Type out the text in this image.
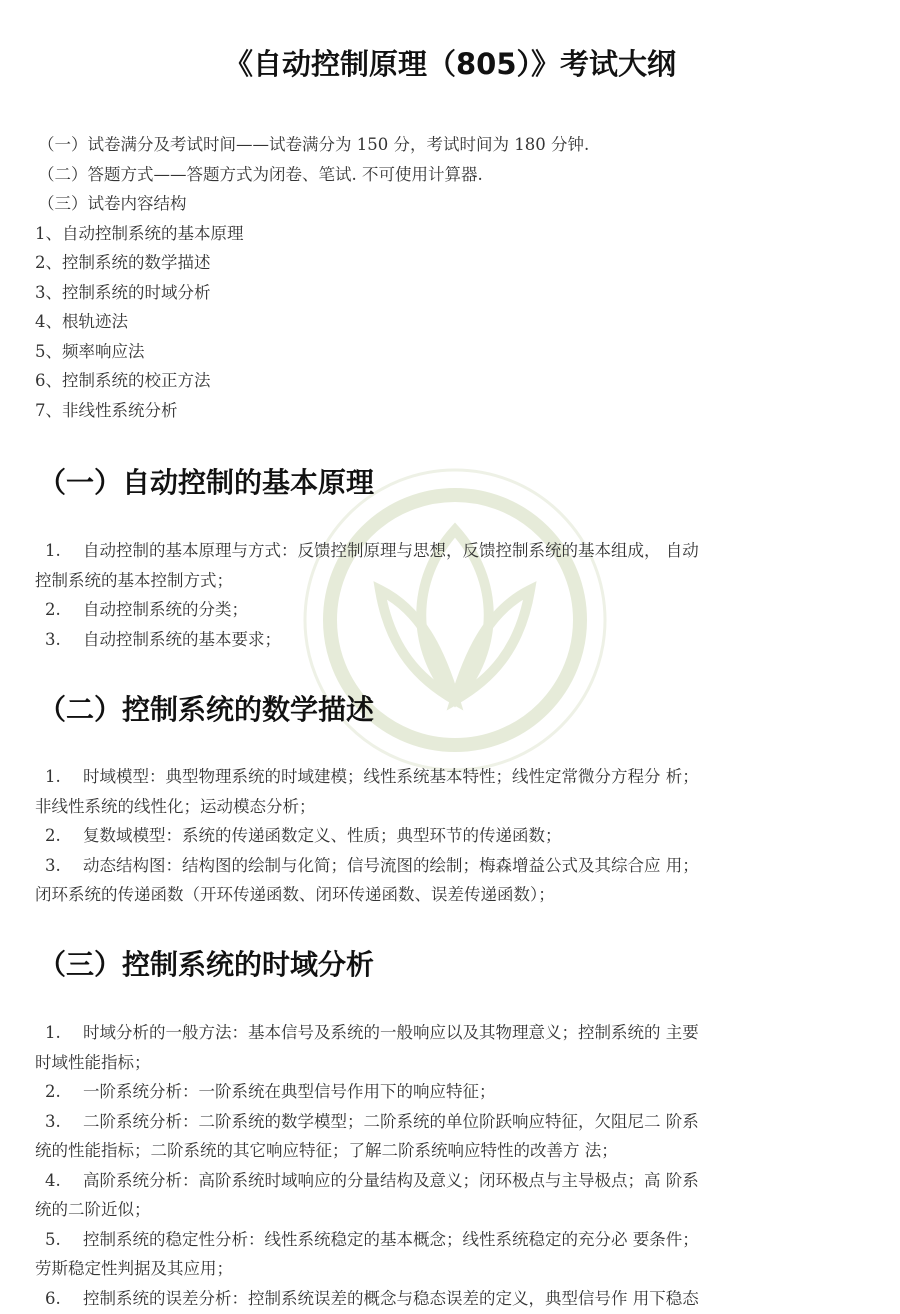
《自动控制原理（805）》考试大纲
（一）试卷满分及考试时间——试卷满分为 150 分，考试时间为 180 分钟.
（二）答题方式——答题方式为闭卷、笔试. 不可使用计算器.
（三）试卷内容结构
1、自动控制系统的基本原理
2、控制系统的数学描述
3、控制系统的时域分析
4、根轨迹法
5、频率响应法
6、控制系统的校正方法
7、非线性系统分析
（一）自动控制的基本原理
1. 自动控制的基本原理与方式：反馈控制原理与思想，反馈控制系统的基本组成， 自动
控制系统的基本控制方式；
2. 自动控制系统的分类；
3. 自动控制系统的基本要求；
（二）控制系统的数学描述
1. 时域模型：典型物理系统的时域建模；线性系统基本特性；线性定常微分方程分 析；
非线性系统的线性化；运动模态分析；
2. 复数域模型：系统的传递函数定义、性质；典型环节的传递函数；
3. 动态结构图：结构图的绘制与化简；信号流图的绘制；梅森增益公式及其综合应 用；
闭环系统的传递函数（开环传递函数、闭环传递函数、误差传递函数）；
（三）控制系统的时域分析
1. 时域分析的一般方法：基本信号及系统的一般响应以及其物理意义；控制系统的 主要
时域性能指标；
2. 一阶系统分析：一阶系统在典型信号作用下的响应特征；
3. 二阶系统分析：二阶系统的数学模型；二阶系统的单位阶跃响应特征，欠阻尼二 阶系
统的性能指标；二阶系统的其它响应特征；了解二阶系统响应特性的改善方 法；
4. 高阶系统分析：高阶系统时域响应的分量结构及意义；闭环极点与主导极点；高 阶系
统的二阶近似；
5. 控制系统的稳定性分析：线性系统稳定的基本概念；线性系统稳定的充分必 要条件；
劳斯稳定性判据及其应用；
6. 控制系统的误差分析：控制系统误差的概念与稳态误差的定义，典型信号作 用下稳态
